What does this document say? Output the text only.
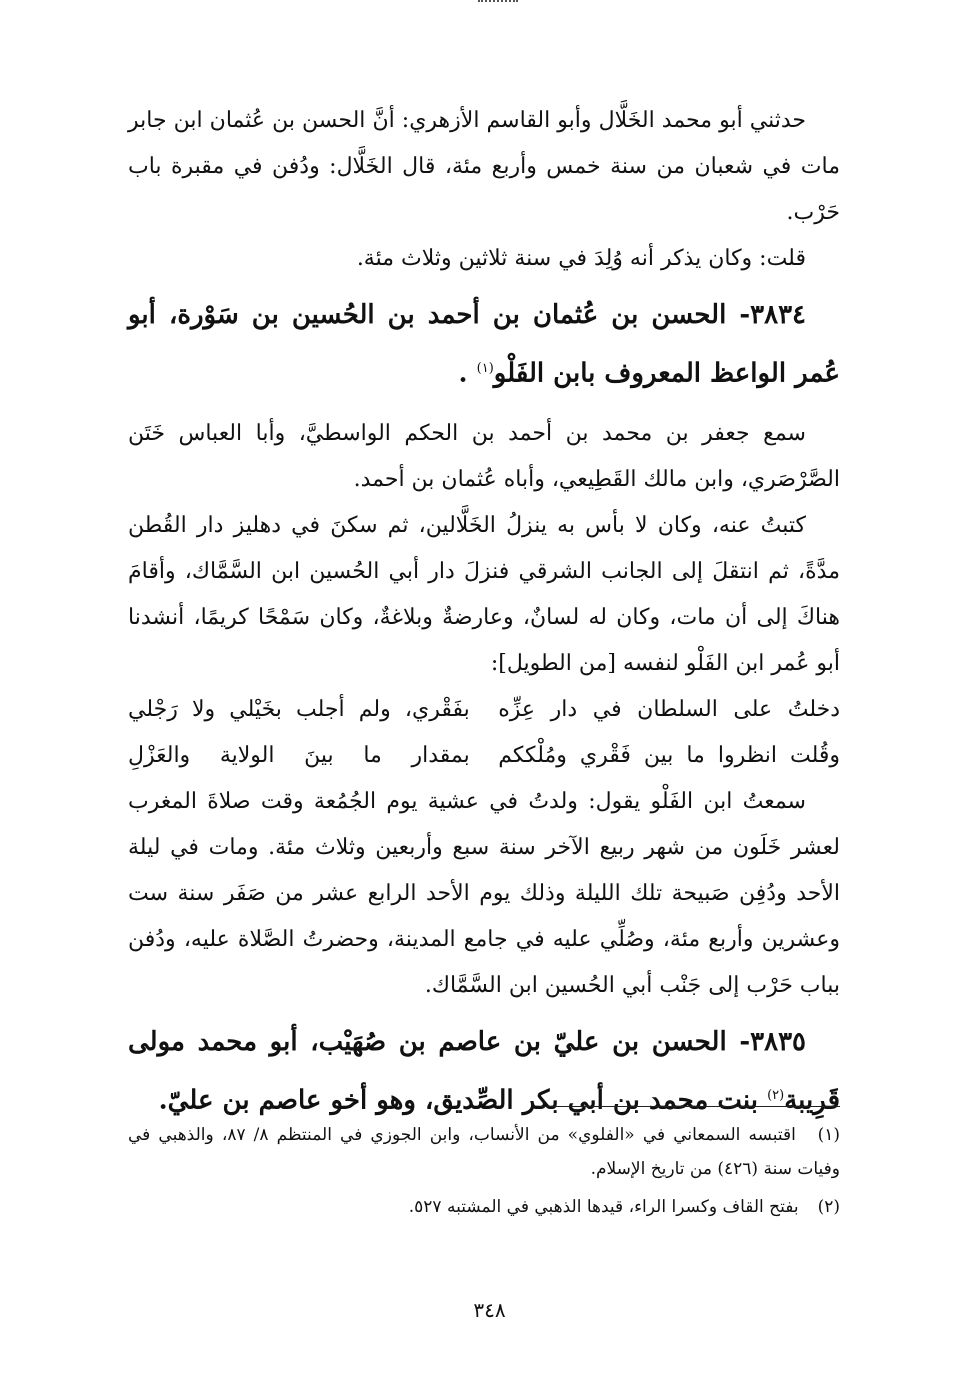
حدثني أبو محمد الخَلَّال وأبو القاسم الأزهري: أنَّ الحسن بن عُثمان ابن جابر مات في شعبان من سنة خمس وأربع مئة، قال الخَلَّال: ودُفن في مقبرة باب حَرْب.

قلت: وكان يذكر أنه وُلِدَ في سنة ثلاثين وثلاث مئة.

٣٨٣٤- الحسن بن عُثمان بن أحمد بن الحُسين بن سَوْرة، أبو عُمر الواعظ المعروف بابن الفَلْو$^{(١)}$ .

سمع جعفر بن محمد بن أحمد بن الحكم الواسطيَّ، وأبا العباس خَتَن الصَّرْصَري، وابن مالك القَطِيعي، وأباه عُثمان بن أحمد.

كتبتُ عنه، وكان لا بأس به ينزلُ الخَلَّالين، ثم سكنَ في دهليز دار القُطن مدَّةً، ثم انتقلَ إلى الجانب الشرقي فنزلَ دار أبي الحُسين ابن السَّمَّاك، وأقامَ هناكَ إلى أن مات، وكان له لسانٌ، وعارضةٌ وبلاغةٌ، وكان سَمْحًا كريمًا، أنشدنا أبو عُمر ابن الفَلْو لنفسه [من الطويل]:

دخلتُ على السلطان في دار عِزِّه
بفَقْري، ولم أجلب بخَيْلي ولا رَجْلي
وقُلت انظروا ما بين فَقْري ومُلْككم
بمقدار ما بينَ الولاية والعَزْلِ

سمعتُ ابن الفَلْو يقول: ولدتُ في عشية يوم الجُمُعة وقت صلاةَ المغرب لعشر خَلَون من شهر ربيع الآخر سنة سبع وأربعين وثلاث مئة. ومات في ليلة الأحد ودُفِن صَبيحة تلك الليلة وذلك يوم الأحد الرابع عشر من صَفَر سنة ست وعشرين وأربع مئة، وصُلِّي عليه في جامع المدينة، وحضرتُ الصَّلاة عليه، ودُفن بباب حَرْب إلى جَنْب أبي الحُسين ابن السَّمَّاك.

٣٨٣٥- الحسن بن عليّ بن عاصم بن صُهَيْب، أبو محمد مولى قَرِيبة$^{(٢)}$ بنت محمد بن أبي بكر الصِّديق، وهو أخو عاصم بن عليّ.

(١) اقتبسه السمعاني في «الفلوي» من الأنساب، وابن الجوزي في المنتظم ٨/ ٨٧، والذهبي في وفيات سنة (٤٢٦) من تاريخ الإسلام.

(٢) بفتح القاف وكسرا الراء، قيدها الذهبي في المشتبه ٥٢٧.

٣٤٨
